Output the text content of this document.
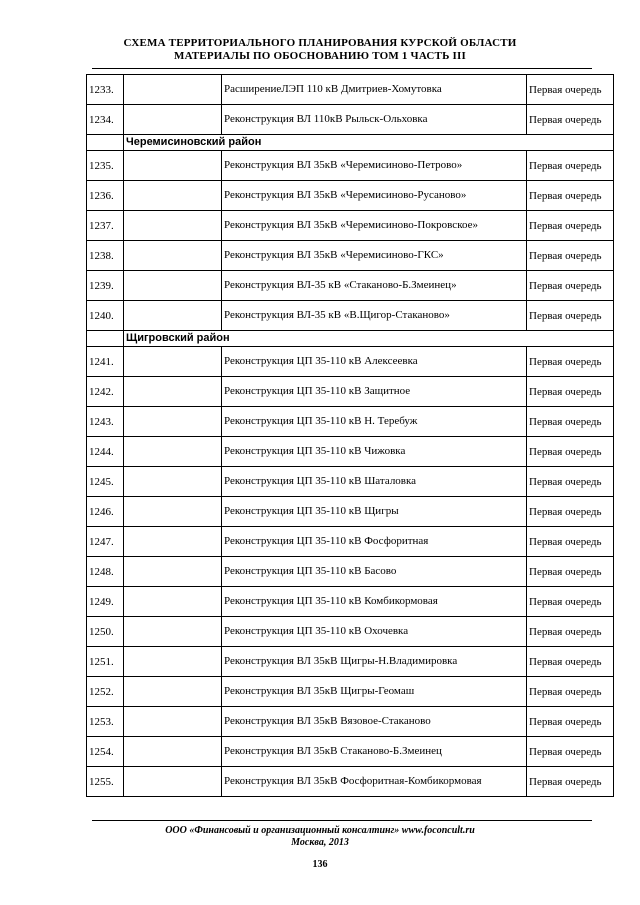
СХЕМА ТЕРРИТОРИАЛЬНОГО ПЛАНИРОВАНИЯ КУРСКОЙ ОБЛАСТИ
МАТЕРИАЛЫ ПО ОБОСНОВАНИЮ ТОМ 1 ЧАСТЬ III
1233.		РасширениеЛЭП 110 кВ Дмитриев-Хомутовка	Первая очередь
1234.		Реконструкция ВЛ 110кВ Рыльск-Ольховка	Первая очередь
	Черемисиновский район		
1235.		Реконструкция ВЛ 35кВ «Черемисиново-Петрово»	Первая очередь
1236.		Реконструкция ВЛ 35кВ «Черемисиново-Русаново»	Первая очередь
1237.		Реконструкция ВЛ 35кВ «Черемисиново-Покровское»	Первая очередь
1238.		Реконструкция ВЛ 35кВ «Черемисиново-ГКС»	Первая очередь
1239.		Реконструкция ВЛ-35 кВ «Стаканово-Б.Змеинец»	Первая очередь
1240.		Реконструкция ВЛ-35 кВ «В.Щигор-Стаканово»	Первая очередь
	Щигровский район		
1241.		Реконструкция ЦП 35-110 кВ Алексеевка	Первая очередь
1242.		Реконструкция ЦП 35-110 кВ Защитное	Первая очередь
1243.		Реконструкция ЦП 35-110 кВ Н. Теребуж	Первая очередь
1244.		Реконструкция ЦП 35-110 кВ Чижовка	Первая очередь
1245.		Реконструкция ЦП 35-110 кВ Шаталовка	Первая очередь
1246.		Реконструкция ЦП 35-110 кВ Щигры	Первая очередь
1247.		Реконструкция ЦП 35-110 кВ Фосфоритная	Первая очередь
1248.		Реконструкция ЦП 35-110 кВ Басово	Первая очередь
1249.		Реконструкция ЦП 35-110 кВ Комбикормовая	Первая очередь
1250.		Реконструкция ЦП 35-110 кВ Охочевка	Первая очередь
1251.		Реконструкция ВЛ 35кВ Щигры-Н.Владимировка	Первая очередь
1252.		Реконструкция ВЛ 35кВ Щигры-Геомаш	Первая очередь
1253.		Реконструкция ВЛ 35кВ Вязовое-Стаканово	Первая очередь
1254.		Реконструкция ВЛ 35кВ Стаканово-Б.Змеинец	Первая очередь
1255.		Реконструкция ВЛ 35кВ Фосфоритная-Комбикормовая	Первая очередь
ООО «Финансовый и организационный консалтинг» www.foconcult.ru
Москва, 2013
136
